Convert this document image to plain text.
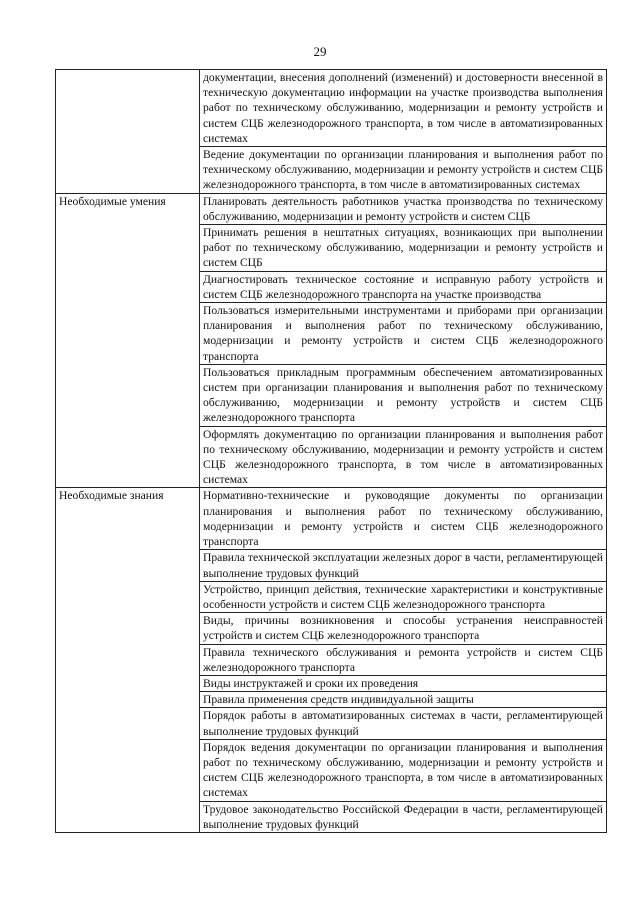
29
	документации, внесения дополнений (изменений) и достоверности внесенной в техническую документацию информации на участке производства выполнения работ по техническому обслуживанию, модернизации и ремонту устройств и систем СЦБ железнодорожного транспорта, в том числе в автоматизированных системах
	Ведение документации по организации планирования и выполнения работ по техническому обслуживанию, модернизации и ремонту устройств и систем СЦБ железнодорожного транспорта, в том числе в автоматизированных системах
Необходимые умения	Планировать деятельность работников участка производства по техническому обслуживанию, модернизации и ремонту устройств и систем СЦБ
	Принимать решения в нештатных ситуациях, возникающих при выполнении работ по техническому обслуживанию, модернизации и ремонту устройств и систем СЦБ
	Диагностировать техническое состояние и исправную работу устройств и систем СЦБ железнодорожного транспорта на участке производства
	Пользоваться измерительными инструментами и приборами при организации планирования и выполнения работ по техническому обслуживанию, модернизации и ремонту устройств и систем СЦБ железнодорожного транспорта
	Пользоваться прикладным программным обеспечением автоматизированных систем при организации планирования и выполнения работ по техническому обслуживанию, модернизации и ремонту устройств и систем СЦБ железнодорожного транспорта
	Оформлять документацию по организации планирования и выполнения работ по техническому обслуживанию, модернизации и ремонту устройств и систем СЦБ железнодорожного транспорта, в том числе в автоматизированных системах
Необходимые знания	Нормативно-технические и руководящие документы по организации планирования и выполнения работ по техническому обслуживанию, модернизации и ремонту устройств и систем СЦБ железнодорожного транспорта
	Правила технической эксплуатации железных дорог в части, регламентирующей выполнение трудовых функций
	Устройство, принцип действия, технические характеристики и конструктивные особенности устройств и систем СЦБ железнодорожного транспорта
	Виды, причины возникновения и способы устранения неисправностей устройств и систем СЦБ железнодорожного транспорта
	Правила технического обслуживания и ремонта устройств и систем СЦБ железнодорожного транспорта
	Виды инструктажей и сроки их проведения
	Правила применения средств индивидуальной защиты
	Порядок работы в автоматизированных системах в части, регламентирующей выполнение трудовых функций
	Порядок ведения документации по организации планирования и выполнения работ по техническому обслуживанию, модернизации и ремонту устройств и систем СЦБ железнодорожного транспорта, в том числе в автоматизированных системах
	Трудовое законодательство Российской Федерации в части, регламентирующей выполнение трудовых функций
